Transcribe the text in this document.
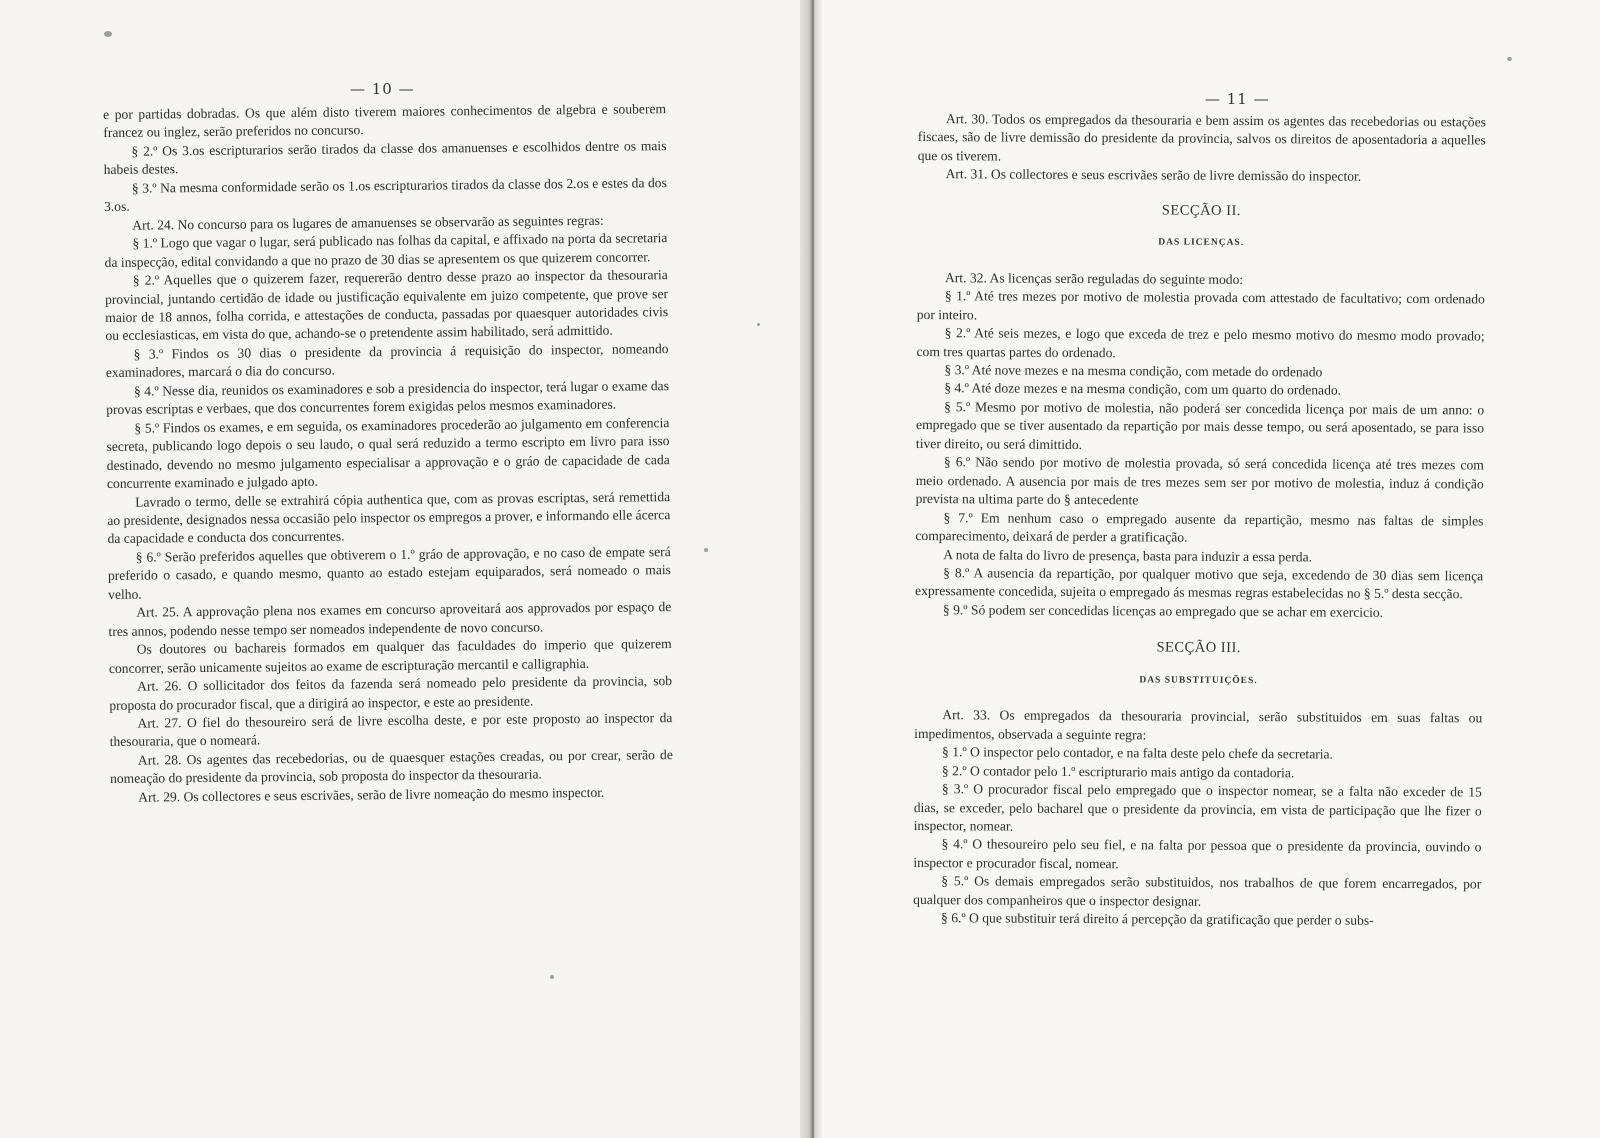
— 10 —
— 11 —

e por partidas dobradas. Os que além disto tiverem maiores conhecimentos de algebra e souberem francez ou inglez, serão preferidos no concurso.

§ 2.º Os 3.os escripturarios serão tirados da classe dos amanuenses e escolhidos dentre os mais habeis destes.

§ 3.º Na mesma conformidade serão os 1.os escripturarios tirados da classe dos 2.os e estes da dos 3.os.

Art. 24. No concurso para os lugares de amanuenses se observarão as seguintes regras:

§ 1.º Logo que vagar o lugar, será publicado nas folhas da capital, e affixado na porta da secretaria da inspecção, edital convidando a que no prazo de 30 dias se apresentem os que quizerem concorrer.

§ 2.º Aquelles que o quizerem fazer, requererão dentro desse prazo ao inspector da thesouraria provincial, juntando certidão de idade ou justificação equivalente em juizo competente, que prove ser maior de 18 annos, folha corrida, e attestações de conducta, passadas por quaesquer autoridades civis ou ecclesiasticas, em vista do que, achando-se o pretendente assim habilitado, será admittido.

§ 3.º Findos os 30 dias o presidente da provincia á requisição do inspector, nomeando examinadores, marcará o dia do concurso.

§ 4.º Nesse dia, reunidos os examinadores e sob a presidencia do inspector, terá lugar o exame das provas escriptas e verbaes, que dos concurrentes forem exigidas pelos mesmos examinadores.

§ 5.º Findos os exames, e em seguida, os examinadores procederão ao julgamento em conferencia secreta, publicando logo depois o seu laudo, o qual será reduzido a termo escripto em livro para isso destinado, devendo no mesmo julgamento especialisar a approvação e o gráo de capacidade de cada concurrente examinado e julgado apto.

Lavrado o termo, delle se extrahirá cópia authentica que, com as provas escriptas, será remettida ao presidente, designados nessa occasião pelo inspector os empregos a prover, e informando elle ácerca da capacidade e conducta dos concurrentes.

§ 6.º Serão preferidos aquelles que obtiverem o 1.º gráo de approvação, e no caso de empate será preferido o casado, e quando mesmo, quanto ao estado estejam equiparados, será nomeado o mais velho.

Art. 25. A approvação plena nos exames em concurso aproveitará aos approvados por espaço de tres annos, podendo nesse tempo ser nomeados independente de novo concurso.

Os doutores ou bachareis formados em qualquer das faculdades do imperio que quizerem concorrer, serão unicamente sujeitos ao exame de escripturação mercantil e calligraphia.

Art. 26. O sollicitador dos feitos da fazenda será nomeado pelo presidente da provincia, sob proposta do procurador fiscal, que a dirigirá ao inspector, e este ao presidente.

Art. 27. O fiel do thesoureiro será de livre escolha deste, e por este proposto ao inspector da thesouraria, que o nomeará.

Art. 28. Os agentes das recebedorias, ou de quaesquer estações creadas, ou por crear, serão de nomeação do presidente da provincia, sob proposta do inspector da thesouraria.

Art. 29. Os collectores e seus escrivães, serão de livre nomeação do mesmo inspector.

Art. 30. Todos os empregados da thesouraria e bem assim os agentes das recebedorias ou estações fiscaes, são de livre demissão do presidente da provincia, salvos os direitos de aposentadoria a aquelles que os tiverem.

Art. 31. Os collectores e seus escrivães serão de livre demissão do inspector.

SECÇÃO II.
DAS LICENÇAS.

Art. 32. As licenças serão reguladas do seguinte modo:

§ 1.º Até tres mezes por motivo de molestia provada com attestado de facultativo; com ordenado por inteiro.

§ 2.º Até seis mezes, e logo que exceda de trez e pelo mesmo motivo do mesmo modo provado; com tres quartas partes do ordenado.

§ 3.º Até nove mezes e na mesma condição, com metade do ordenado

§ 4.º Até doze mezes e na mesma condição, com um quarto do ordenado.

§ 5.º Mesmo por motivo de molestia, não poderá ser concedida licença por mais de um anno: o empregado que se tiver ausentado da repartição por mais desse tempo, ou será aposentado, se para isso tiver direito, ou será dimittido.

§ 6.º Não sendo por motivo de molestia provada, só será concedida licença até tres mezes com meio ordenado. A ausencia por mais de tres mezes sem ser por motivo de molestia, induz á condição prevista na ultima parte do § antecedente

§ 7.º Em nenhum caso o empregado ausente da repartição, mesmo nas faltas de simples comparecimento, deixará de perder a gratificação.

A nota de falta do livro de presença, basta para induzir a essa perda.

§ 8.º A ausencia da repartição, por qualquer motivo que seja, excedendo de 30 dias sem licença expressamente concedida, sujeita o empregado ás mesmas regras estabelecidas no § 5.º desta secção.

§ 9.º Só podem ser concedidas licenças ao empregado que se achar em exercicio.

SECÇÃO III.
DAS SUBSTITUIÇÕES.

Art. 33. Os empregados da thesouraria provincial, serão substituidos em suas faltas ou impedimentos, observada a seguinte regra:

§ 1.º O inspector pelo contador, e na falta deste pelo chefe da secretaria.

§ 2.º O contador pelo 1.º escripturario mais antigo da contadoria.

§ 3.º O procurador fiscal pelo empregado que o inspector nomear, se a falta não exceder de 15 dias, se exceder, pelo bacharel que o presidente da provincia, em vista de participação que lhe fizer o inspector, nomear.

§ 4.º O thesoureiro pelo seu fiel, e na falta por pessoa que o presidente da provincia, ouvindo o inspector e procurador fiscal, nomear.

§ 5.º Os demais empregados serão substituidos, nos trabalhos de que forem encarregados, por qualquer dos companheiros que o inspector designar.

§ 6.º O que substituir terá direito á percepção da gratificação que perder o subs-
